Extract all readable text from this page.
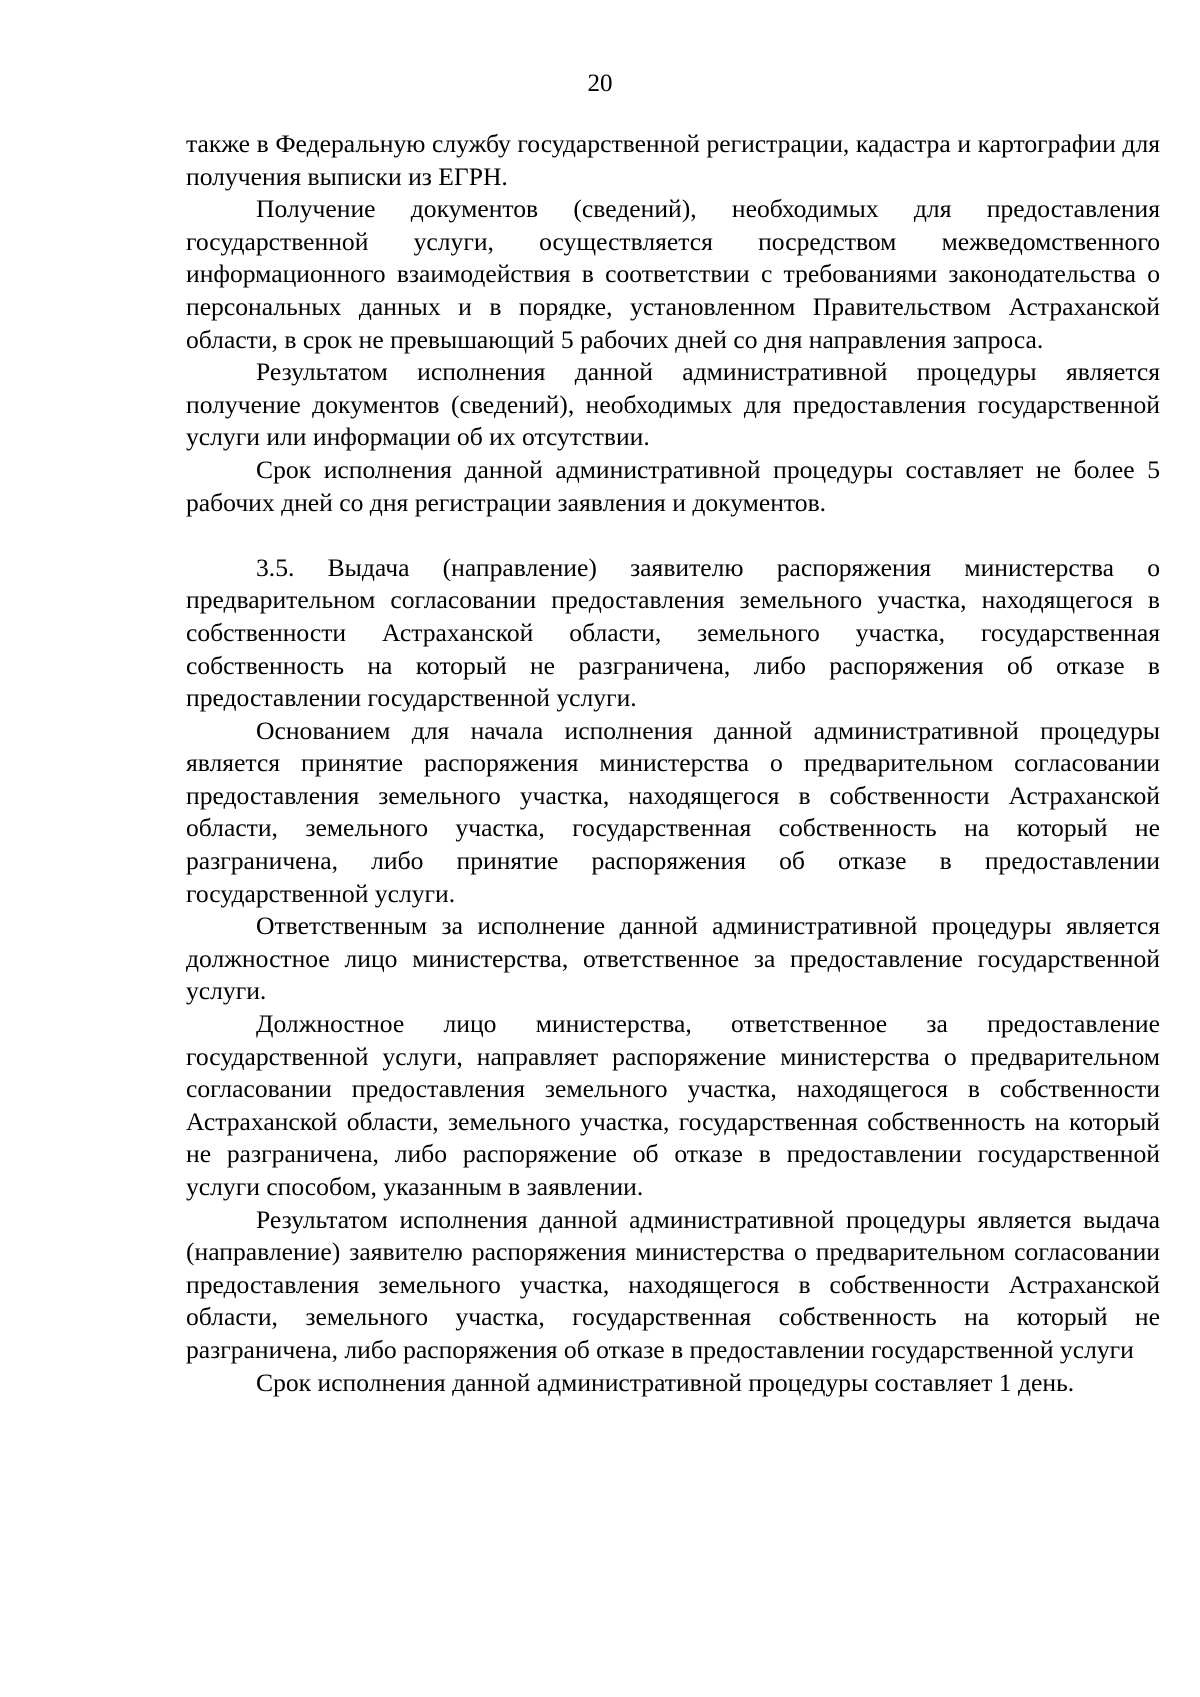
20

также в Федеральную службу государственной регистрации, кадастра и картографии для получения выписки из ЕГРН.

Получение документов (сведений), необходимых для предоставления государственной услуги, осуществляется посредством межведомственного информационного взаимодействия в соответствии с требованиями законодательства о персональных данных и в порядке, установленном Правительством Астраханской области, в срок не превышающий 5 рабочих дней со дня направления запроса.

Результатом исполнения данной административной процедуры является получение документов (сведений), необходимых для предоставления государственной услуги или информации об их отсутствии.

Срок исполнения данной административной процедуры составляет не более 5 рабочих дней со дня регистрации заявления и документов.

3.5. Выдача (направление) заявителю распоряжения министерства о предварительном согласовании предоставления земельного участка, находящегося в собственности Астраханской области, земельного участка, государственная собственность на который не разграничена, либо распоряжения об отказе в предоставлении государственной услуги.

Основанием для начала исполнения данной административной процедуры является принятие распоряжения министерства о предварительном согласовании предоставления земельного участка, находящегося в собственности Астраханской области, земельного участка, государственная собственность на который не разграничена, либо принятие распоряжения об отказе в предоставлении государственной услуги.

Ответственным за исполнение данной административной процедуры является должностное лицо министерства, ответственное за предоставление государственной услуги.

Должностное лицо министерства, ответственное за предоставление государственной услуги, направляет распоряжение министерства о предварительном согласовании предоставления земельного участка, находящегося в собственности Астраханской области, земельного участка, государственная собственность на который не разграничена, либо распоряжение об отказе в предоставлении государственной услуги способом, указанным в заявлении.

Результатом исполнения данной административной процедуры является выдача (направление) заявителю распоряжения министерства о предварительном согласовании предоставления земельного участка, находящегося в собственности Астраханской области, земельного участка, государственная собственность на который не разграничена, либо распоряжения об отказе в предоставлении государственной услуги

Срок исполнения данной административной процедуры составляет 1 день.
